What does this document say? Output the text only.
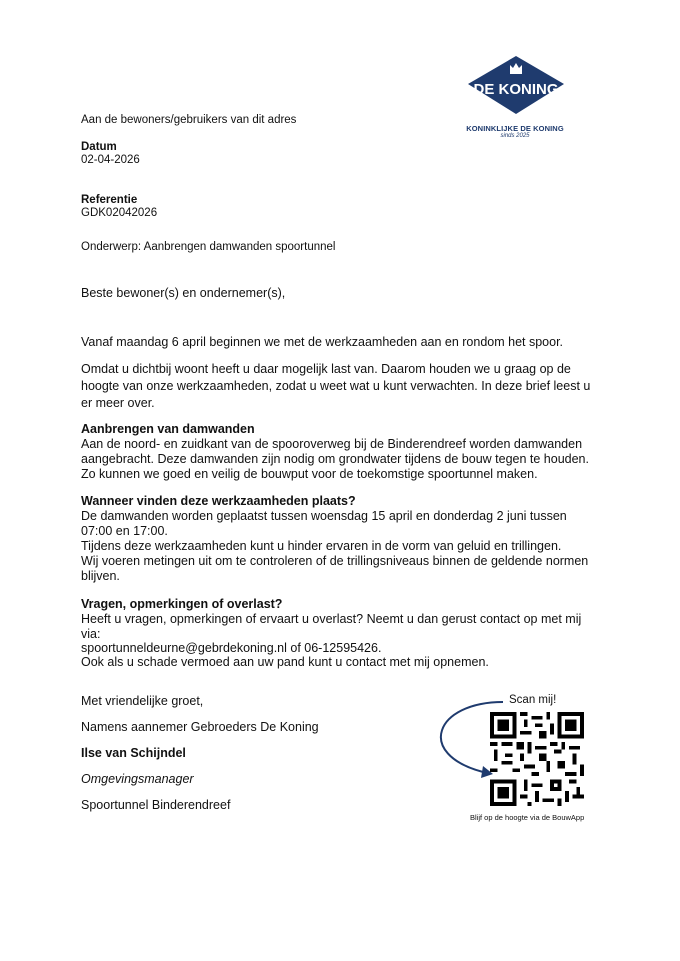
DE KONING
KONINKLIJKE DE KONING
sinds 2025
Aan de bewoners/gebruikers van dit adres
Datum
02-04-2026
Referentie
GDK02042026
Onderwerp: Aanbrengen damwanden spoortunnel
Beste bewoner(s) en ondernemer(s),
Vanaf maandag 6 april beginnen we met de werkzaamheden aan en rondom het spoor.
Omdat u dichtbij woont heeft u daar mogelijk last van. Daarom houden we u graag op de
hoogte van onze werkzaamheden, zodat u weet wat u kunt verwachten. In deze brief leest u
er meer over.
Aanbrengen van damwanden
Aan de noord- en zuidkant van de spooroverweg bij de Binderendreef worden damwanden
aangebracht. Deze damwanden zijn nodig om grondwater tijdens de bouw tegen te houden.
Zo kunnen we goed en veilig de bouwput voor de toekomstige spoortunnel maken.
Wanneer vinden deze werkzaamheden plaats?
De damwanden worden geplaatst tussen woensdag 15 april en donderdag 2 juni tussen
07:00 en 17:00.
Tijdens deze werkzaamheden kunt u hinder ervaren in de vorm van geluid en trillingen.
Wij voeren metingen uit om te controleren of de trillingsniveaus binnen de geldende normen
blijven.
Vragen, opmerkingen of overlast?
Heeft u vragen, opmerkingen of ervaart u overlast? Neemt u dan gerust contact op met mij
via:
spoortunneldeurne@gebrdekoning.nl of 06-12595426.
Ook als u schade vermoed aan uw pand kunt u contact met mij opnemen.
Met vriendelijke groet,
Namens aannemer Gebroeders De Koning
Ilse van Schijndel
Omgevingsmanager
Spoortunnel Binderendreef
Scan mij!
Blijf op de hoogte via de BouwApp
